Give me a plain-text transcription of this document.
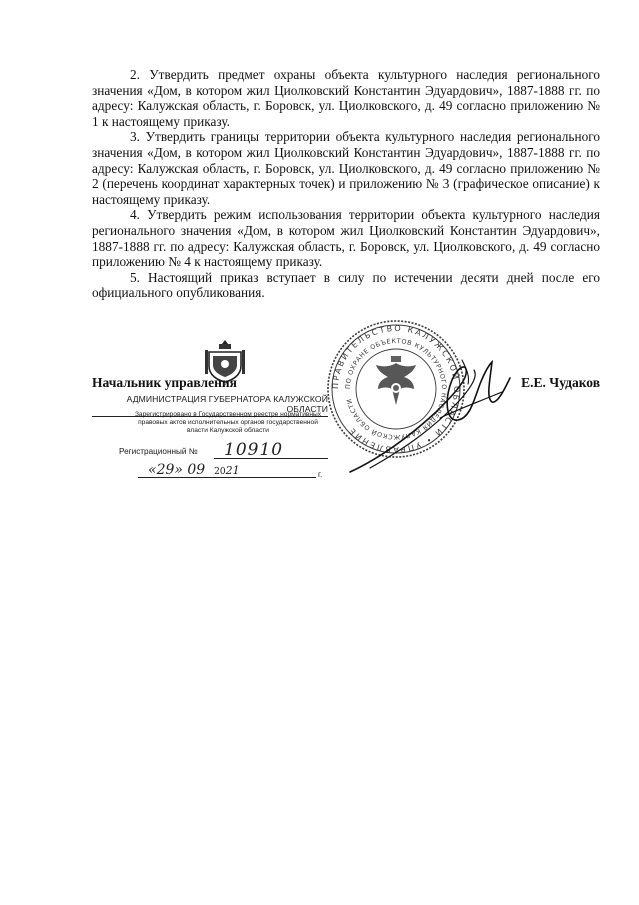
2. Утвердить предмет охраны объекта культурного наследия регионального значения «Дом, в котором жил Циолковский Константин Эдуардович», 1887-1888 гг. по адресу: Калужская область, г. Боровск, ул. Циолковского, д. 49 согласно приложению № 1 к настоящему приказу.

3. Утвердить границы территории объекта культурного наследия регионального значения «Дом, в котором жил Циолковский Константин Эдуардович», 1887-1888 гг. по адресу: Калужская область, г. Боровск, ул. Циолковского, д. 49 согласно приложению № 2 (перечень координат характерных точек) и приложению № 3 (графическое описание) к настоящему приказу.

4. Утвердить режим использования территории объекта культурного наследия регионального значения «Дом, в котором жил Циолковский Константин Эдуардович», 1887-1888 гг. по адресу: Калужская область, г. Боровск, ул. Циолковского, д. 49 согласно приложению № 4 к настоящему приказу.

5. Настоящий приказ вступает в силу по истечении десяти дней после его официального опубликования.

Начальник управления	Е.Е. Чудаков
АДМИНИСТРАЦИЯ ГУБЕРНАТОРА КАЛУЖСКОЙ ОБЛАСТИ
Зарегистрировано в Государственном реестре нормативных правовых актов исполнительных органов государственной власти Калужской области
Регистрационный № 10910
«29» 09 2021	г.
ПРАВИТЕЛЬСТВО КАЛУЖСКОЙ ОБЛАСТИ • УПРАВЛЕНИЕ
ПО ОХРАНЕ ОБЪЕКТОВ КУЛЬТУРНОГО НАСЛЕДИЯ КАЛУЖСКОЙ ОБЛАСТИ
